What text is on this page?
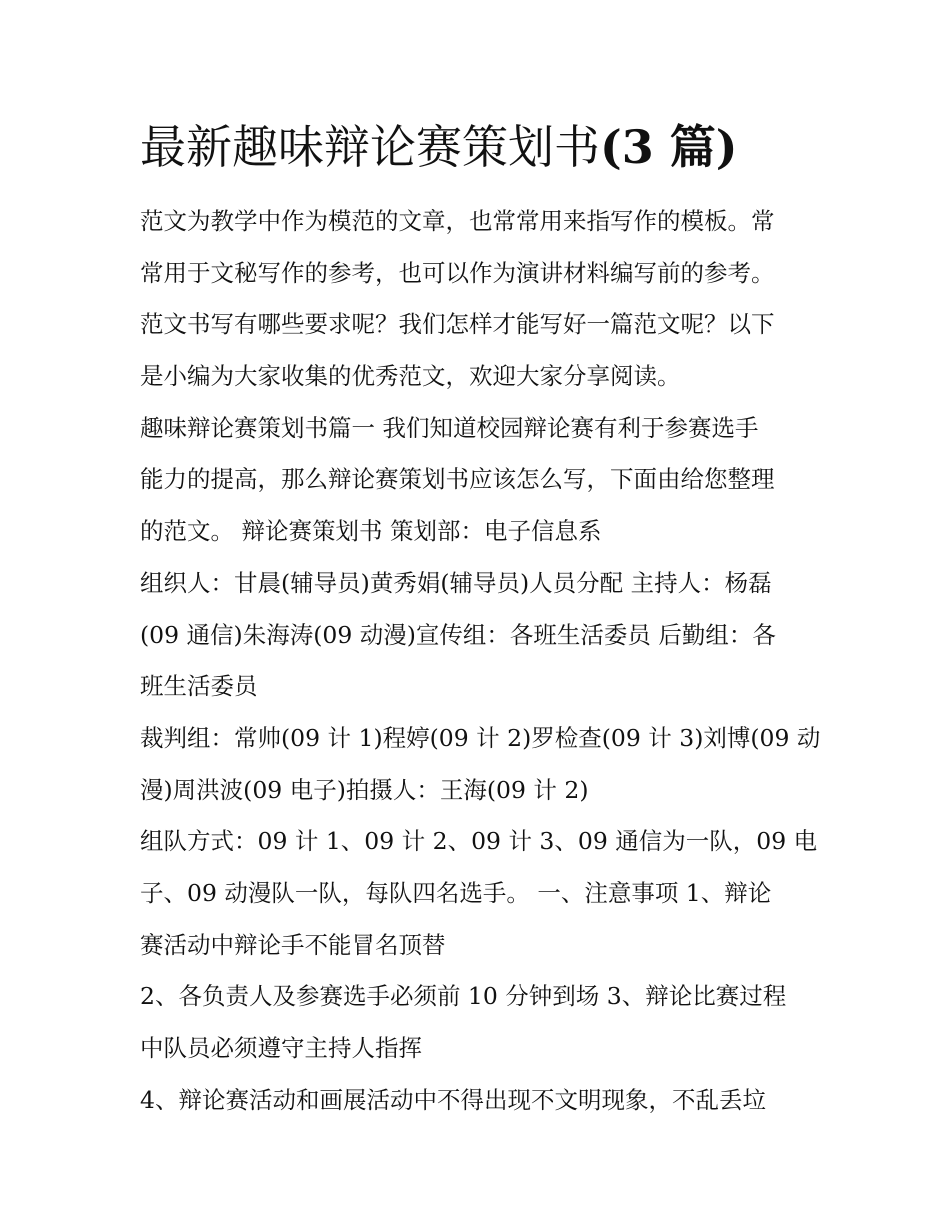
最新趣味辩论赛策划书(3 篇)
范文为教学中作为模范的文章，也常常用来指写作的模板。常
常用于文秘写作的参考，也可以作为演讲材料编写前的参考。
范文书写有哪些要求呢？我们怎样才能写好一篇范文呢？以下
是小编为大家收集的优秀范文，欢迎大家分享阅读。
趣味辩论赛策划书篇一 我们知道校园辩论赛有利于参赛选手
能力的提高，那么辩论赛策划书应该怎么写，下面由给您整理
的范文。 辩论赛策划书 策划部：电子信息系
组织人：甘晨(辅导员)黄秀娟(辅导员)人员分配 主持人：杨磊
(09 通信)朱海涛(09 动漫)宣传组：各班生活委员 后勤组：各
班生活委员
裁判组：常帅(09 计 1)程婷(09 计 2)罗检查(09 计 3)刘博(09 动
漫)周洪波(09 电子)拍摄人：王海(09 计 2)
组队方式：09 计 1、09 计 2、09 计 3、09 通信为一队，09 电
子、09 动漫队一队，每队四名选手。 一、注意事项 1、辩论
赛活动中辩论手不能冒名顶替
2、各负责人及参赛选手必须前 10 分钟到场 3、辩论比赛过程
中队员必须遵守主持人指挥
4、辩论赛活动和画展活动中不得出现不文明现象，不乱丢垃
